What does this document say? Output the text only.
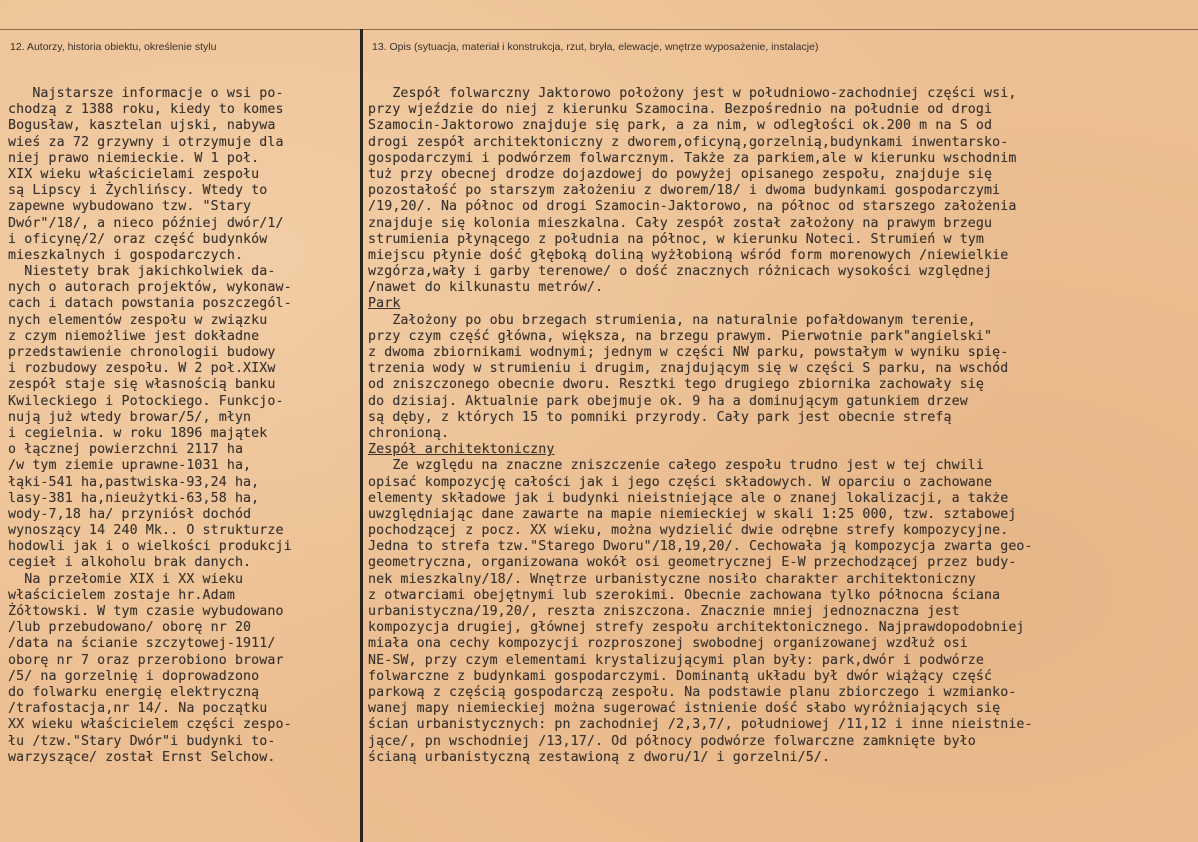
12. Autorzy, historia obiektu, określenie stylu	13. Opis (sytuacja, materiał i konstrukcja, rzut, bryła, elewacje, wnętrze wyposażenie, instalacje)
Najstarsze informacje o wsi po-
chodzą z 1388 roku, kiedy to komes
Bogusław, kasztelan ujski, nabywa
wieś za 72 grzywny i otrzymuje dla
niej prawo niemieckie. W 1 poł.
XIX wieku właścicielami zespołu
są Lipscy i Żychlińscy. Wtedy to
zapewne wybudowano tzw. "Stary
Dwór"/18/, a nieco później dwór/1/
i oficynę/2/ oraz część budynków
mieszkalnych i gospodarczych.
Niestety brak jakichkolwiek da-
nych o autorach projektów, wykonaw-
cach i datach powstania poszczegól-
nych elementów zespołu w związku
z czym niemożliwe jest dokładne
przedstawienie chronologii budowy
i rozbudowy zespołu. W 2 poł.XIXw
zespół staje się własnością banku
Kwileckiego i Potockiego. Funkcjo-
nują już wtedy browar/5/, młyn
i cegielnia. w roku 1896 majątek
o łącznej powierzchni 2117 ha
/w tym ziemie uprawne-1031 ha,
łąki-541 ha,pastwiska-93,24 ha,
lasy-381 ha,nieużytki-63,58 ha,
wody-7,18 ha/ przyniósł dochód
wynoszący 14 240 Mk.. O strukturze
hodowli jak i o wielkości produkcji
cegieł i alkoholu brak danych.
Na przełomie XIX i XX wieku
właścicielem zostaje hr.Adam
Żółtowski. W tym czasie wybudowano
/lub przebudowano/ oborę nr 20
/data na ścianie szczytowej-1911/
oborę nr 7 oraz przerobiono browar
/5/ na gorzelnię i doprowadzono
do folwarku energię elektryczną
/trafostacja,nr 14/. Na początku
XX wieku właścicielem części zespo-
łu /tzw."Stary Dwór"i budynki to-
warzyszące/ został Ernst Selchow.
Zespół folwarczny Jaktorowo położony jest w południowo-zachodniej części wsi,
przy wjeździe do niej z kierunku Szamocina. Bezpośrednio na południe od drogi
Szamocin-Jaktorowo znajduje się park, a za nim, w odległości ok.200 m na S od
drogi zespół architektoniczny z dworem,oficyną,gorzelnią,budynkami inwentarsko-
gospodarczymi i podwórzem folwarcznym. Także za parkiem,ale w kierunku wschodnim
tuż przy obecnej drodze dojazdowej do powyżej opisanego zespołu, znajduje się
pozostałość po starszym założeniu z dworem/18/ i dwoma budynkami gospodarczymi
/19,20/. Na północ od drogi Szamocin-Jaktorowo, na północ od starszego założenia
znajduje się kolonia mieszkalna. Cały zespół został założony na prawym brzegu
strumienia płynącego z południa na północ, w kierunku Noteci. Strumień w tym
miejscu płynie dość głęboką doliną wyżłobioną wśród form morenowych /niewielkie
wzgórza,wały i garby terenowe/ o dość znacznych różnicach wysokości względnej
/nawet do kilkunastu metrów/.
Park
Założony po obu brzegach strumienia, na naturalnie pofałdowanym terenie,
przy czym część główna, większa, na brzegu prawym. Pierwotnie park"angielski"
z dwoma zbiornikami wodnymi; jednym w części NW parku, powstałym w wyniku spię-
trzenia wody w strumieniu i drugim, znajdującym się w części S parku, na wschód
od zniszczonego obecnie dworu. Resztki tego drugiego zbiornika zachowały się
do dzisiaj. Aktualnie park obejmuje ok. 9 ha a dominującym gatunkiem drzew
są dęby, z których 15 to pomniki przyrody. Cały park jest obecnie strefą
chronioną.
Zespół architektoniczny
Ze względu na znaczne zniszczenie całego zespołu trudno jest w tej chwili
opisać kompozycję całości jak i jego części składowych. W oparciu o zachowane
elementy składowe jak i budynki nieistniejące ale o znanej lokalizacji, a także
uwzględniając dane zawarte na mapie niemieckiej w skali 1:25 000, tzw. sztabowej
pochodzącej z pocz. XX wieku, można wydzielić dwie odrębne strefy kompozycyjne.
Jedna to strefa tzw."Starego Dworu"/18,19,20/. Cechowała ją kompozycja zwarta geo-
geometryczna, organizowana wokół osi geometrycznej E-W przechodzącej przez budy-
nek mieszkalny/18/. Wnętrze urbanistyczne nosiło charakter architektoniczny
z otwarciami obejętnymi lub szerokimi. Obecnie zachowana tylko północna ściana
urbanistyczna/19,20/, reszta zniszczona. Znacznie mniej jednoznaczna jest
kompozycja drugiej, głównej strefy zespołu architektonicznego. Najprawdopodobniej
miała ona cechy kompozycji rozproszonej swobodnej organizowanej wzdłuż osi
NE-SW, przy czym elementami krystalizującymi plan były: park,dwór i podwórze
folwarczne z budynkami gospodarczymi. Dominantą układu był dwór wiążący część
parkową z częścią gospodarczą zespołu. Na podstawie planu zbiorczego i wzmianko-
wanej mapy niemieckiej można sugerować istnienie dość słabo wyróżniających się
ścian urbanistycznych: pn zachodniej /2,3,7/, południowej /11,12 i inne nieistnie-
jące/, pn wschodniej /13,17/. Od północy podwórze folwarczne zamknięte było
ścianą urbanistyczną zestawioną z dworu/1/ i gorzelni/5/.
